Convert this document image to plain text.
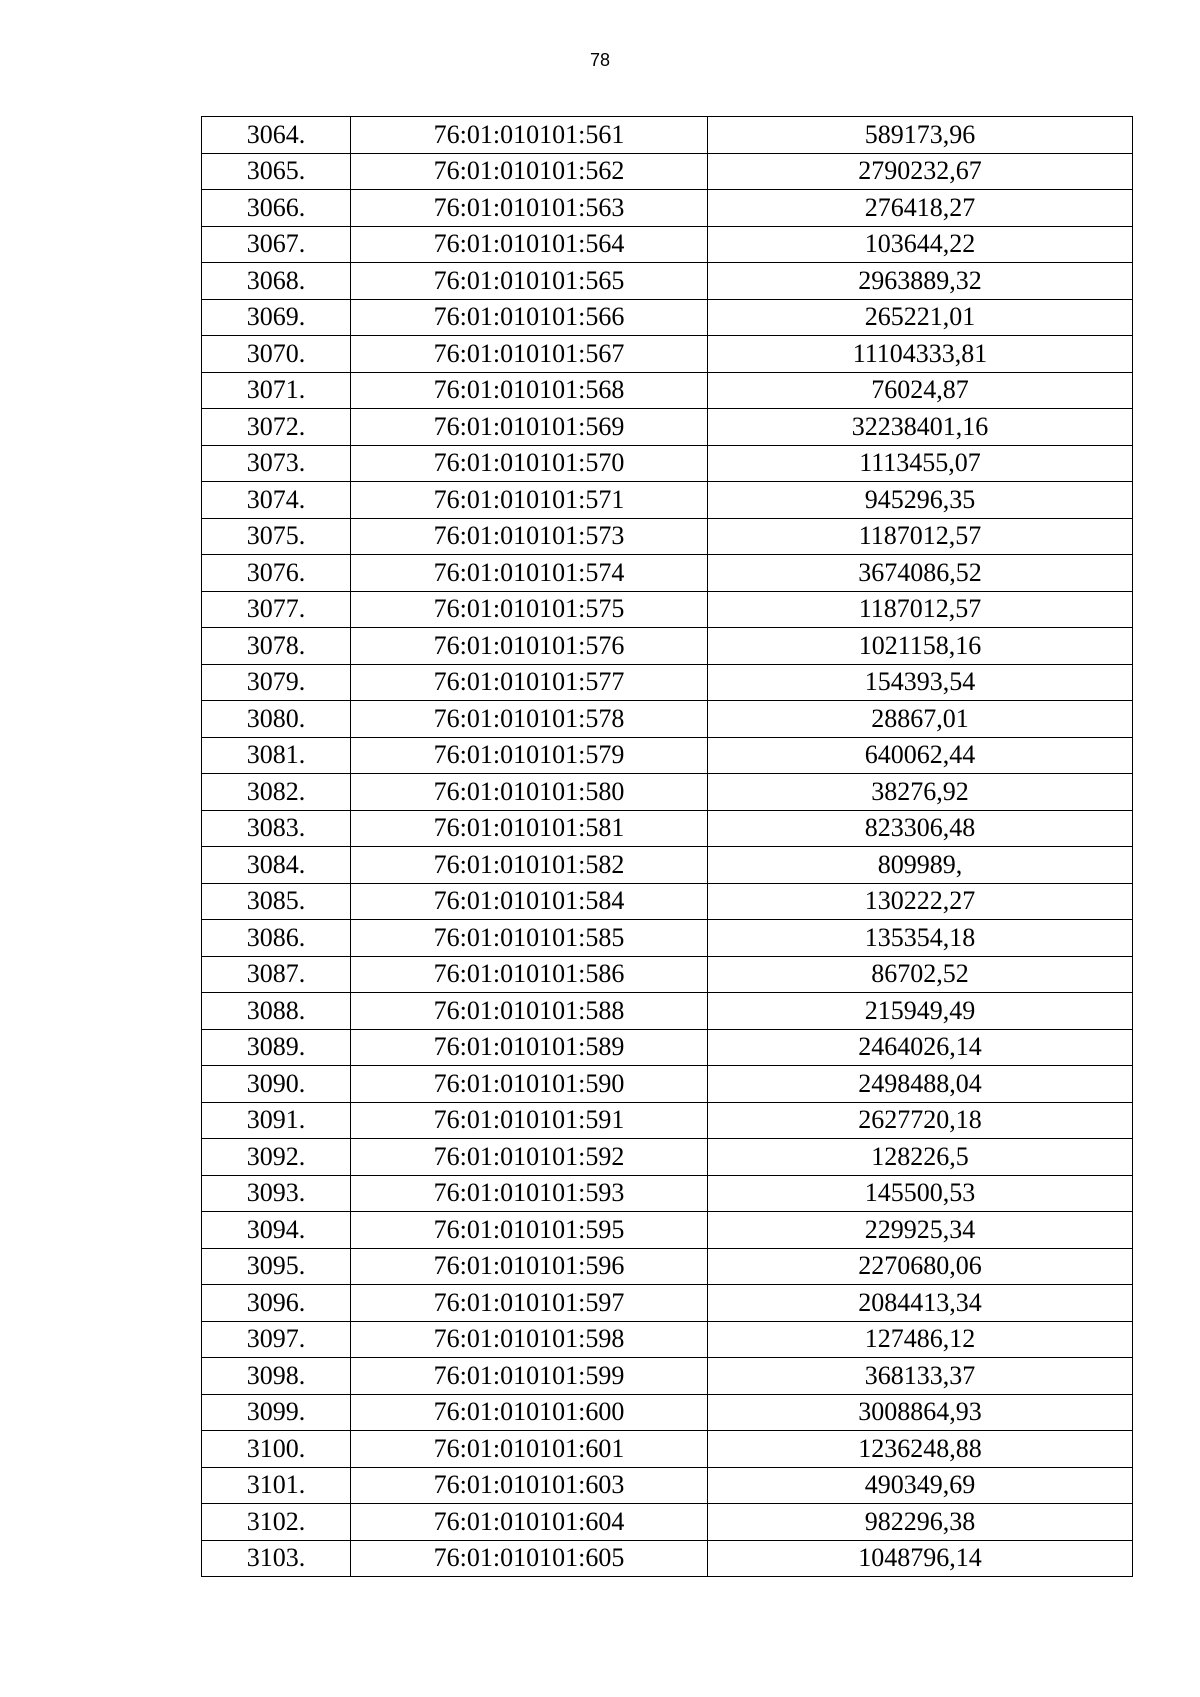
78
3064.	76:01:010101:561	589173,96
3065.	76:01:010101:562	2790232,67
3066.	76:01:010101:563	276418,27
3067.	76:01:010101:564	103644,22
3068.	76:01:010101:565	2963889,32
3069.	76:01:010101:566	265221,01
3070.	76:01:010101:567	11104333,81
3071.	76:01:010101:568	76024,87
3072.	76:01:010101:569	32238401,16
3073.	76:01:010101:570	1113455,07
3074.	76:01:010101:571	945296,35
3075.	76:01:010101:573	1187012,57
3076.	76:01:010101:574	3674086,52
3077.	76:01:010101:575	1187012,57
3078.	76:01:010101:576	1021158,16
3079.	76:01:010101:577	154393,54
3080.	76:01:010101:578	28867,01
3081.	76:01:010101:579	640062,44
3082.	76:01:010101:580	38276,92
3083.	76:01:010101:581	823306,48
3084.	76:01:010101:582	809989,
3085.	76:01:010101:584	130222,27
3086.	76:01:010101:585	135354,18
3087.	76:01:010101:586	86702,52
3088.	76:01:010101:588	215949,49
3089.	76:01:010101:589	2464026,14
3090.	76:01:010101:590	2498488,04
3091.	76:01:010101:591	2627720,18
3092.	76:01:010101:592	128226,5
3093.	76:01:010101:593	145500,53
3094.	76:01:010101:595	229925,34
3095.	76:01:010101:596	2270680,06
3096.	76:01:010101:597	2084413,34
3097.	76:01:010101:598	127486,12
3098.	76:01:010101:599	368133,37
3099.	76:01:010101:600	3008864,93
3100.	76:01:010101:601	1236248,88
3101.	76:01:010101:603	490349,69
3102.	76:01:010101:604	982296,38
3103.	76:01:010101:605	1048796,14
